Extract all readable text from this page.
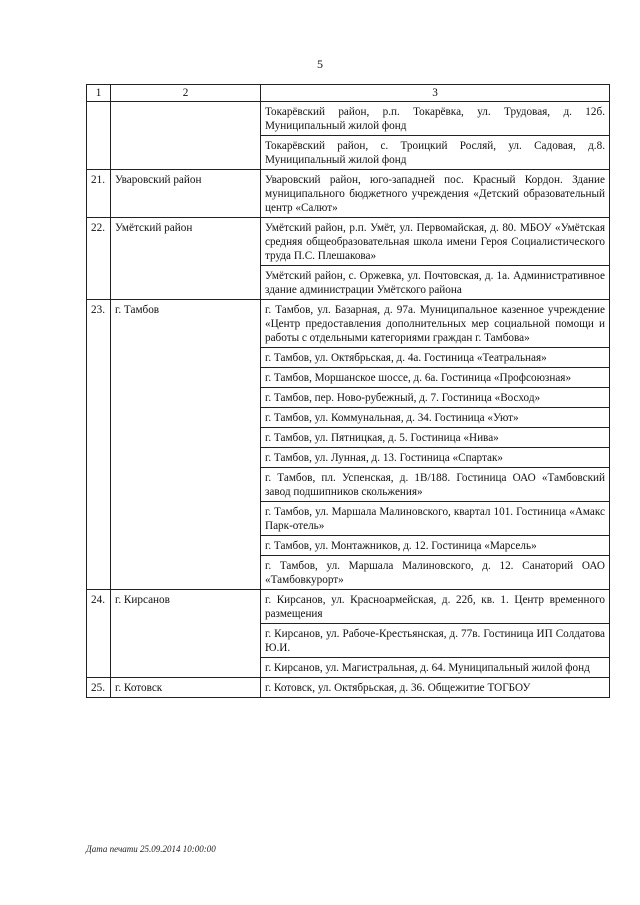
5
1	2	3
		Токарёвский район, р.п. Токарёвка, ул. Трудовая, д. 12б. Муниципальный жилой фонд
		Токарёвский район, с. Троицкий Росляй, ул. Садовая, д.8. Муниципальный жилой фонд
21.	Уваровский район	Уваровский район, юго-западней пос. Красный Кордон. Здание муниципального бюджетного учреждения «Детский образовательный центр «Салют»
22.	Умётский район	Умётский район, р.п. Умёт, ул. Первомайская, д. 80. МБОУ «Умётская средняя общеобразовательная школа имени Героя Социалистического труда П.С. Плешакова»
		Умётский район, с. Оржевка, ул. Почтовская, д. 1а. Административное здание администрации Умётского района
23.	г. Тамбов	г. Тамбов, ул. Базарная, д. 97а. Муниципальное казенное учреждение «Центр предоставления дополнительных мер социальной помощи и работы с отдельными категориями граждан г. Тамбова»
		г. Тамбов, ул. Октябрьская, д. 4а. Гостиница «Театральная»
		г. Тамбов, Моршанское шоссе, д. 6а. Гостиница «Профсоюзная»
		г. Тамбов, пер. Ново-рубежный, д. 7. Гостиница «Восход»
		г. Тамбов, ул. Коммунальная, д. 34. Гостиница «Уют»
		г. Тамбов, ул. Пятницкая, д. 5. Гостиница «Нива»
		г. Тамбов, ул. Лунная, д. 13. Гостиница «Спартак»
		г. Тамбов, пл. Успенская, д. 1В/188. Гостиница ОАО «Тамбовский завод подшипников скольжения»
		г. Тамбов, ул. Маршала Малиновского, квартал 101. Гостиница «Амакс Парк-отель»
		г. Тамбов, ул. Монтажников, д. 12. Гостиница «Марсель»
		г. Тамбов, ул. Маршала Малиновского, д. 12. Санаторий ОАО «Тамбовкурорт»
24.	г. Кирсанов	г. Кирсанов, ул. Красноармейская, д. 22б, кв. 1. Центр временного размещения
		г. Кирсанов, ул. Рабоче-Крестьянская, д. 77в. Гостиница ИП Солдатова Ю.И.
		г. Кирсанов, ул. Магистральная, д. 64. Муниципальный жилой фонд
25.	г. Котовск	г. Котовск, ул. Октябрьская, д. 36. Общежитие ТОГБОУ
Дата печати 25.09.2014 10:00:00
